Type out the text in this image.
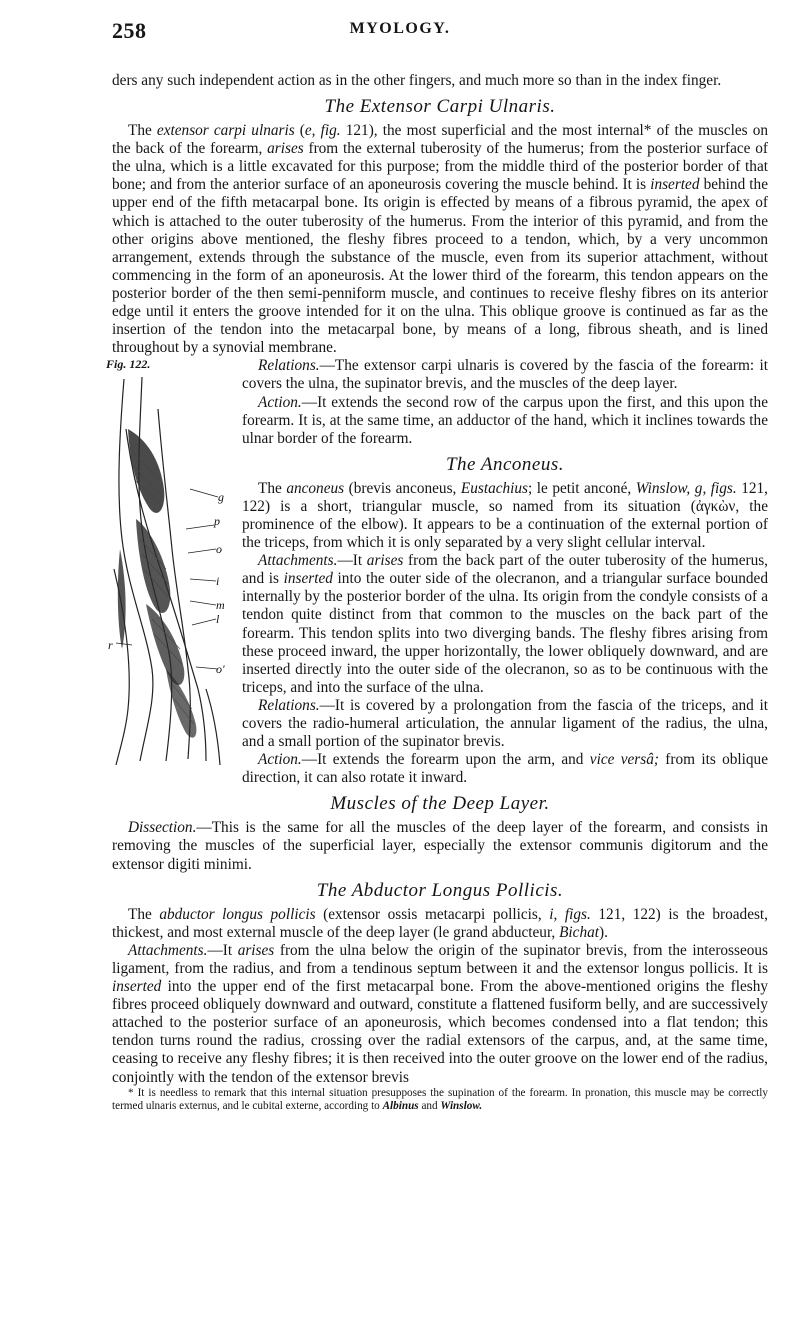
258	MYOLOGY.

ders any such independent action as in the other fingers, and much more so than in the index finger.

The Extensor Carpi Ulnaris.

The extensor carpi ulnaris (e, fig. 121), the most superficial and the most internal* of the muscles on the back of the forearm, arises from the external tuberosity of the humerus; from the posterior surface of the ulna, which is a little excavated for this purpose; from the middle third of the posterior border of that bone; and from the anterior surface of an aponeurosis covering the muscle behind. It is inserted behind the upper end of the fifth metacarpal bone. Its origin is effected by means of a fibrous pyramid, the apex of which is attached to the outer tuberosity of the humerus. From the interior of this pyramid, and from the other origins above mentioned, the fleshy fibres proceed to a tendon, which, by a very uncommon arrangement, extends through the substance of the muscle, even from its superior attachment, without commencing in the form of an aponeurosis. At the lower third of the forearm, this tendon appears on the posterior border of the then semi-penniform muscle, and continues to receive fleshy fibres on its anterior edge until it enters the groove intended for it on the ulna. This oblique groove is continued as far as the insertion of the tendon into the metacarpal bone, by means of a long, fibrous sheath, and is lined throughout by a synovial membrane.

Fig. 122.
g
p
o
i
m
l
r
o'

Relations.—The extensor carpi ulnaris is covered by the fascia of the forearm: it covers the ulna, the supinator brevis, and the muscles of the deep layer.

Action.—It extends the second row of the carpus upon the first, and this upon the forearm. It is, at the same time, an adductor of the hand, which it inclines towards the ulnar border of the forearm.

The Anconeus.

The anconeus (brevis anconeus, Eustachius; le petit anconé, Winslow, g, figs. 121, 122) is a short, triangular muscle, so named from its situation (ἀγκὼν, the prominence of the elbow). It appears to be a continuation of the external portion of the triceps, from which it is only separated by a very slight cellular interval.

Attachments.—It arises from the back part of the outer tuberosity of the humerus, and is inserted into the outer side of the olecranon, and a triangular surface bounded internally by the posterior border of the ulna. Its origin from the condyle consists of a tendon quite distinct from that common to the muscles on the back part of the forearm. This tendon splits into two diverging bands. The fleshy fibres arising from these proceed inward, the upper horizontally, the lower obliquely downward, and are inserted directly into the outer side of the olecranon, so as to be continuous with the triceps, and into the surface of the ulna.

Relations.—It is covered by a prolongation from the fascia of the triceps, and it covers the radio-humeral articulation, the annular ligament of the radius, the ulna, and a small portion of the supinator brevis.

Action.—It extends the forearm upon the arm, and vice versâ; from its oblique direction, it can also rotate it inward.

Muscles of the Deep Layer.

Dissection.—This is the same for all the muscles of the deep layer of the forearm, and consists in removing the muscles of the superficial layer, especially the extensor communis digitorum and the extensor digiti minimi.

The Abductor Longus Pollicis.

The abductor longus pollicis (extensor ossis metacarpi pollicis, i, figs. 121, 122) is the broadest, thickest, and most external muscle of the deep layer (le grand abducteur, Bichat).

Attachments.—It arises from the ulna below the origin of the supinator brevis, from the interosseous ligament, from the radius, and from a tendinous septum between it and the extensor longus pollicis. It is inserted into the upper end of the first metacarpal bone. From the above-mentioned origins the fleshy fibres proceed obliquely downward and outward, constitute a flattened fusiform belly, and are successively attached to the posterior surface of an aponeurosis, which becomes condensed into a flat tendon; this tendon turns round the radius, crossing over the radial extensors of the carpus, and, at the same time, ceasing to receive any fleshy fibres; it is then received into the outer groove on the lower end of the radius, conjointly with the tendon of the extensor brevis

* It is needless to remark that this internal situation presupposes the supination of the forearm. In pronation, this muscle may be correctly termed ulnaris externus, and le cubital externe, according to Albinus and Winslow.
